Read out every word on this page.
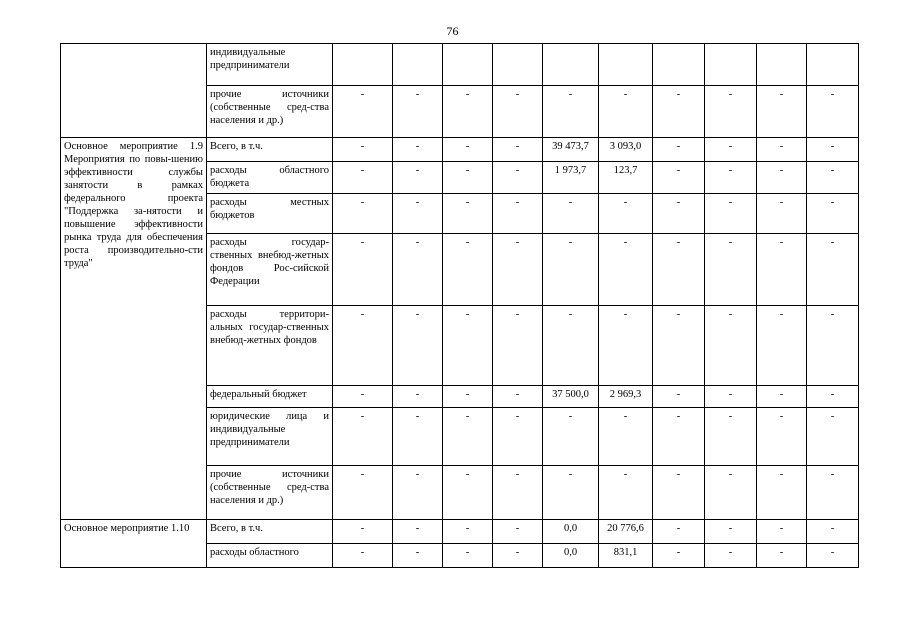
76
	индивидуальные предприниматели										
	прочие источники (собственные сред-ства населения и др.)	-	-	-	-	-	-	-	-	-	-
Основное мероприятие 1.9 Мероприятия по повы-шению эффективности службы занятости в рамках федерального проекта "Поддержка за-нятости и повышение эффективности рынка труда для обеспечения роста производительно-сти труда"	Всего, в т.ч.	-	-	-	-	39 473,7	3 093,0	-	-	-	-
	расходы областного бюджета	-	-	-	-	1 973,7	123,7	-	-	-	-
	расходы местных бюджетов	-	-	-	-	-	-	-	-	-	-
	расходы государ-ственных внебюд-жетных фондов Рос-сийской Федерации	-	-	-	-	-	-	-	-	-	-
	расходы территори-альных государ-ственных внебюд-жетных фондов	-	-	-	-	-	-	-	-	-	-
	федеральный бюджет	-	-	-	-	37 500,0	2 969,3	-	-	-	-
	юридические лица и индивидуальные предприниматели	-	-	-	-	-	-	-	-	-	-
	прочие источники (собственные сред-ства населения и др.)	-	-	-	-	-	-	-	-	-	-
Основное мероприятие 1.10	Всего, в т.ч.	-	-	-	-	0,0	20 776,6	-	-	-	-
	расходы областного	-	-	-	-	0,0	831,1	-	-	-	-
